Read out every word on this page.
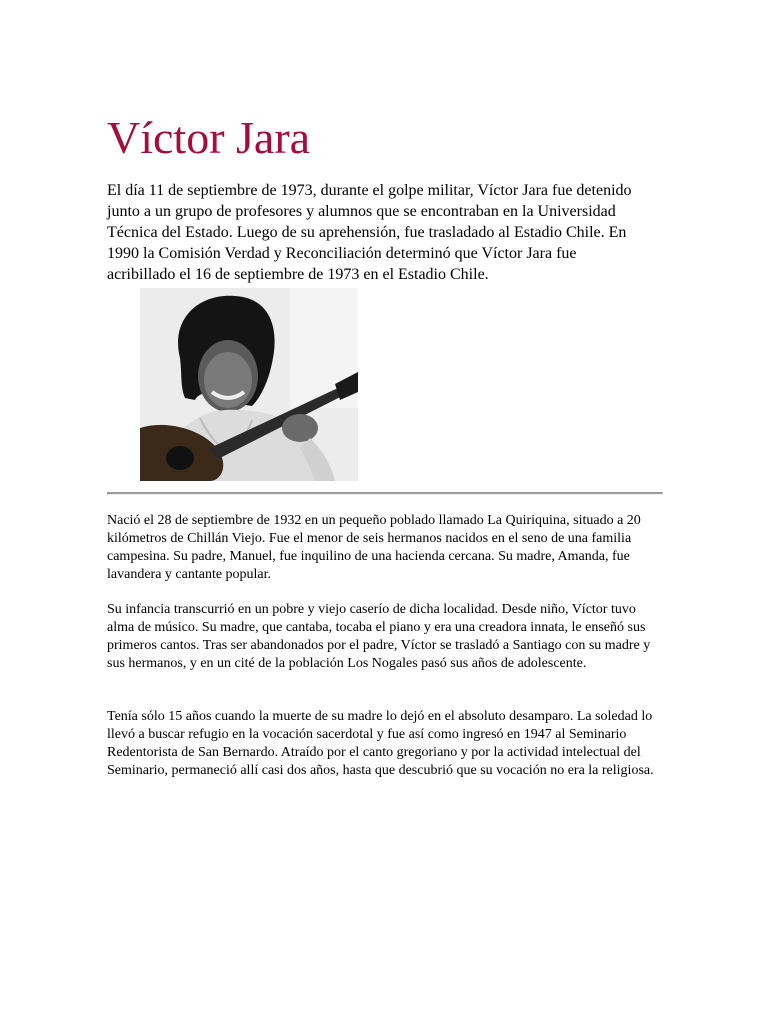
Víctor Jara

El día 11 de septiembre de 1973, durante el golpe militar, Víctor Jara fue detenido junto a un grupo de profesores y alumnos que se encontraban en la Universidad Técnica del Estado. Luego de su aprehensión, fue trasladado al Estadio Chile. En 1990 la Comisión Verdad y Reconciliación determinó que Víctor Jara fue acribillado el 16 de septiembre de 1973 en el Estadio Chile.

Nació el 28 de septiembre de 1932 en un pequeño poblado llamado La Quiriquina, situado a 20 kilómetros de Chillán Viejo. Fue el menor de seis hermanos nacidos en el seno de una familia campesina. Su padre, Manuel, fue inquilino de una hacienda cercana. Su madre, Amanda, fue lavandera y cantante popular.

Su infancia transcurrió en un pobre y viejo caserío de dicha localidad. Desde niño, Víctor tuvo alma de músico. Su madre, que cantaba, tocaba el piano y era una creadora innata, le enseñó sus primeros cantos. Tras ser abandonados por el padre, Víctor se trasladó a Santiago con su madre y sus hermanos, y en un cité de la población Los Nogales pasó sus años de adolescente.

Tenía sólo 15 años cuando la muerte de su madre lo dejó en el absoluto desamparo. La soledad lo llevó a buscar refugio en la vocación sacerdotal y fue así como ingresó en 1947 al Seminario Redentorista de San Bernardo. Atraído por el canto gregoriano y por la actividad intelectual del Seminario, permaneció allí casi dos años, hasta que descubrió que su vocación no era la religiosa.
